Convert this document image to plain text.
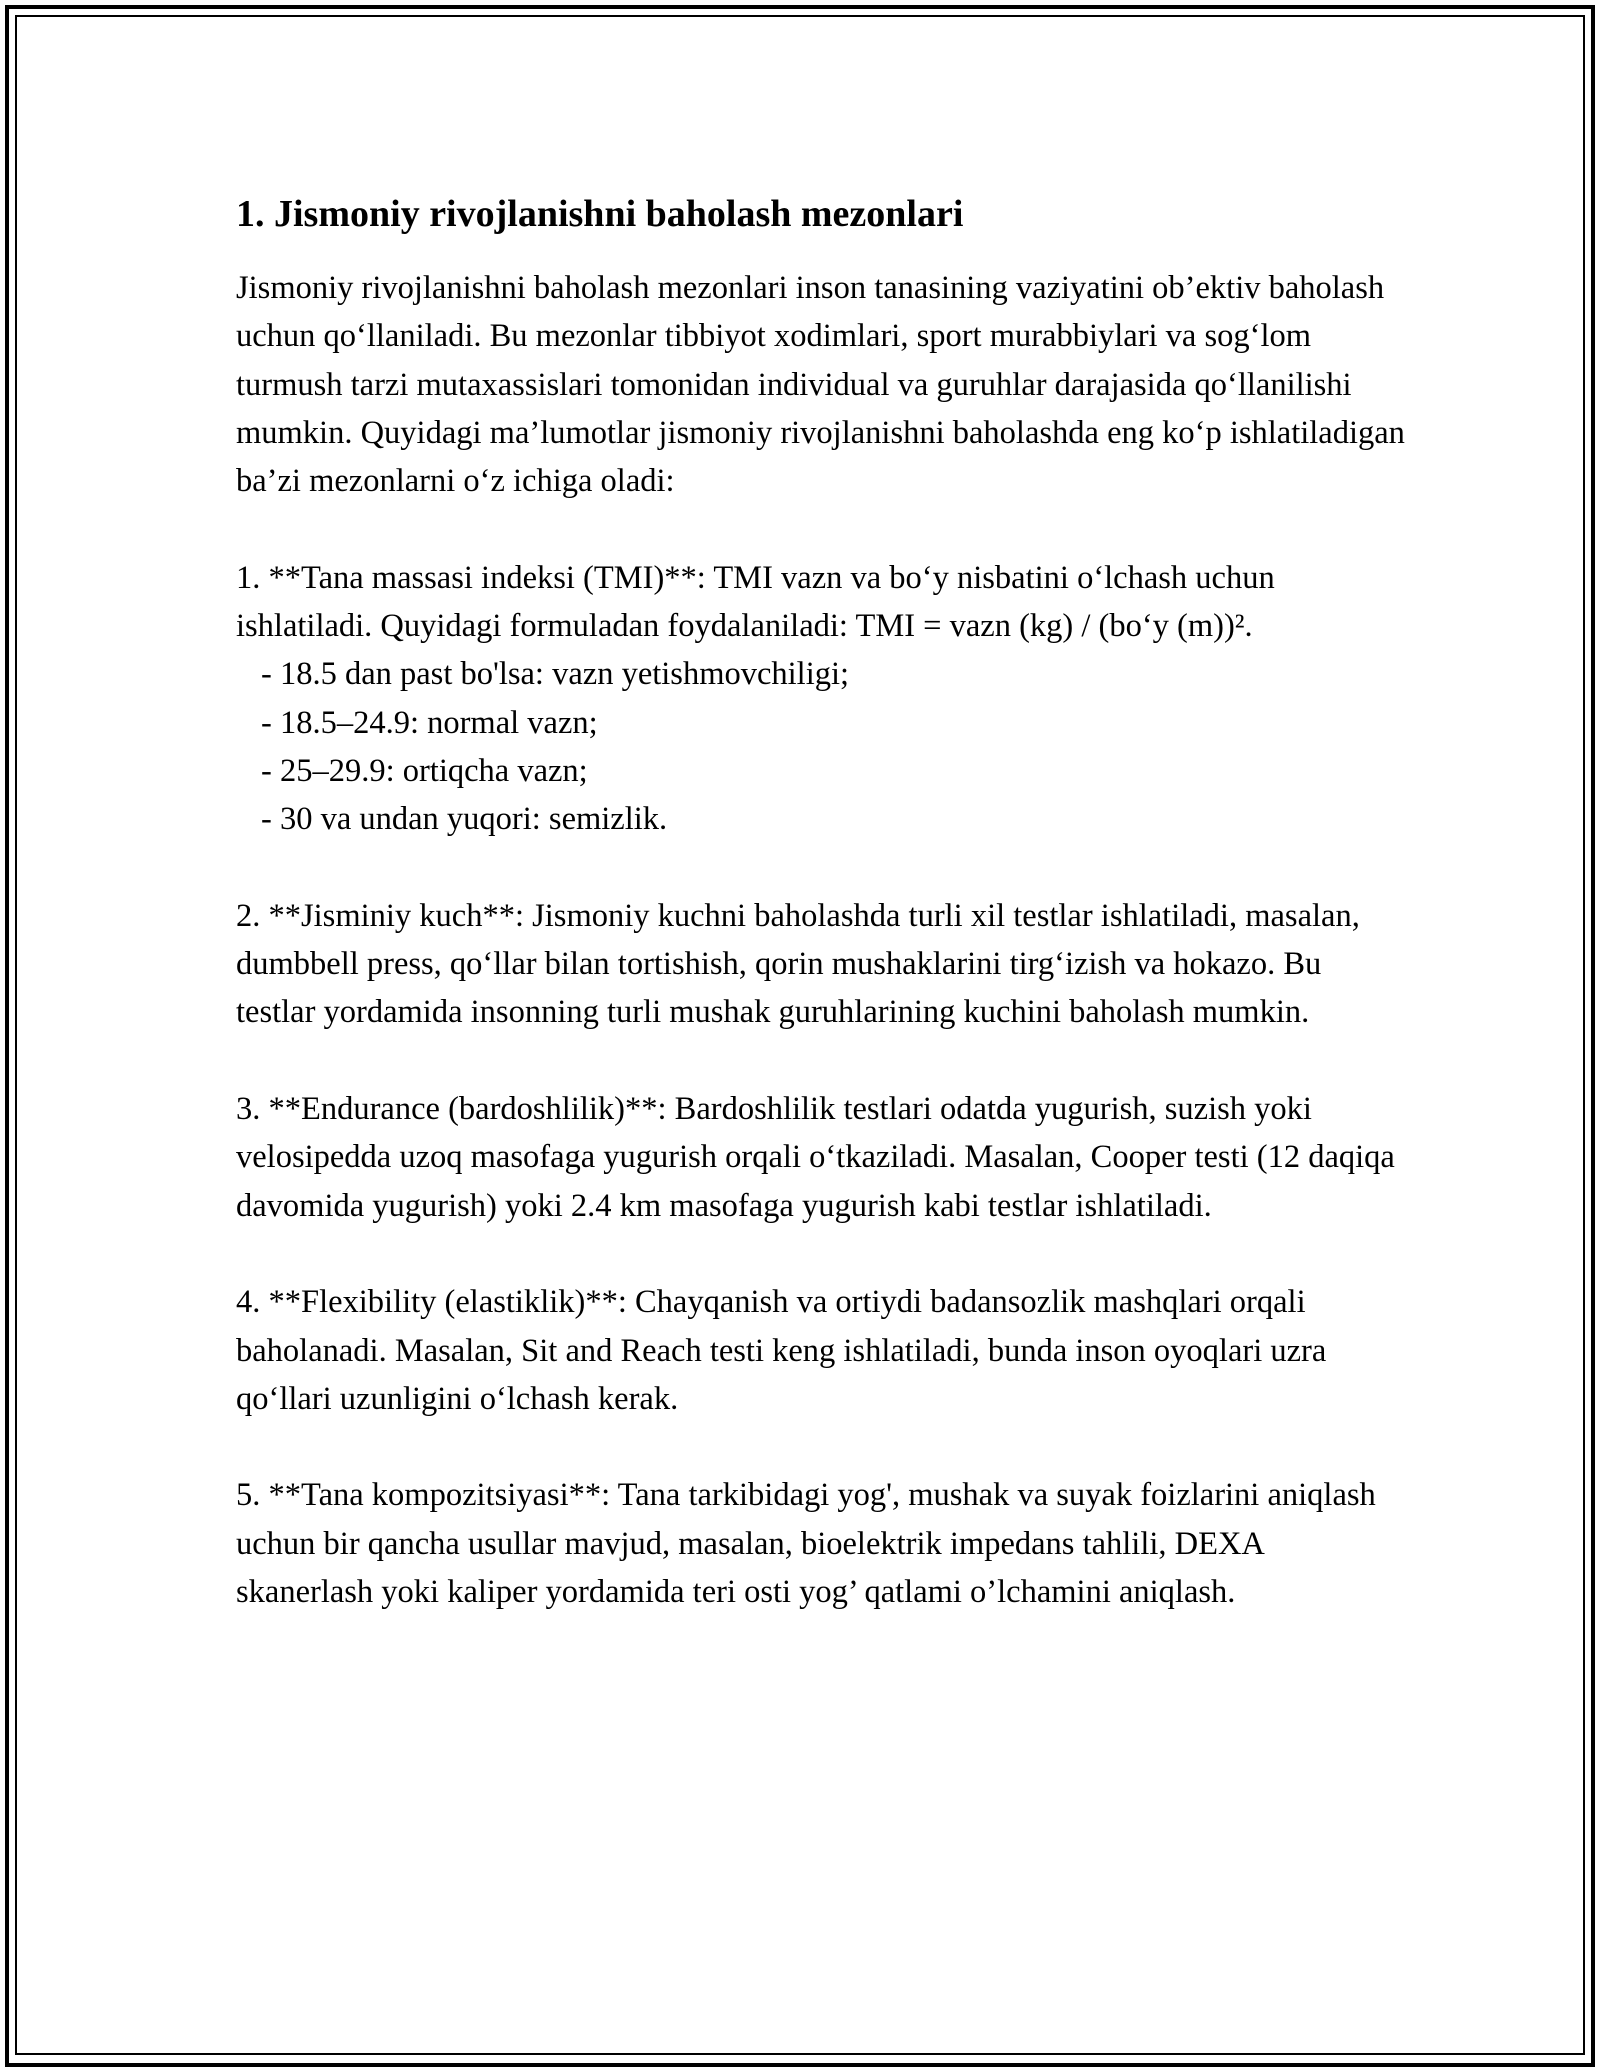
1. Jismoniy rivojlanishni baholash mezonlari

Jismoniy rivojlanishni baholash mezonlari inson tanasining vaziyatini ob’ektiv baholash uchun qo‘llaniladi. Bu mezonlar tibbiyot xodimlari, sport murabbiylari va sog‘lom turmush tarzi mutaxassislari tomonidan individual va guruhlar darajasida qo‘llanilishi mumkin. Quyidagi ma’lumotlar jismoniy rivojlanishni baholashda eng ko‘p ishlatiladigan ba’zi mezonlarni o‘z ichiga oladi:

1. **Tana massasi indeksi (TMI)**: TMI vazn va bo‘y nisbatini o‘lchash uchun ishlatiladi. Quyidagi formuladan foydalaniladi: TMI = vazn (kg) / (bo‘y (m))².

- 18.5 dan past bo'lsa: vazn yetishmovchiligi;
- 18.5–24.9: normal vazn;
- 25–29.9: ortiqcha vazn;
- 30 va undan yuqori: semizlik.

2. **Jisminiy kuch**: Jismoniy kuchni baholashda turli xil testlar ishlatiladi, masalan, dumbbell press, qo‘llar bilan tortishish, qorin mushaklarini tirg‘izish va hokazo. Bu testlar yordamida insonning turli mushak guruhlarining kuchini baholash mumkin.

3. **Endurance (bardoshlilik)**: Bardoshlilik testlari odatda yugurish, suzish yoki velosipedda uzoq masofaga yugurish orqali o‘tkaziladi. Masalan, Cooper testi (12 daqiqa davomida yugurish) yoki 2.4 km masofaga yugurish kabi testlar ishlatiladi.

4. **Flexibility (elastiklik)**: Chayqanish va ortiydi badansozlik mashqlari orqali baholanadi. Masalan, Sit and Reach testi keng ishlatiladi, bunda inson oyoqlari uzra qo‘llari uzunligini o‘lchash kerak.

5. **Tana kompozitsiyasi**: Tana tarkibidagi yog', mushak va suyak foizlarini aniqlash uchun bir qancha usullar mavjud, masalan, bioelektrik impedans tahlili, DEXA skanerlash yoki kaliper yordamida teri osti yog’ qatlami o’lchamini aniqlash.
